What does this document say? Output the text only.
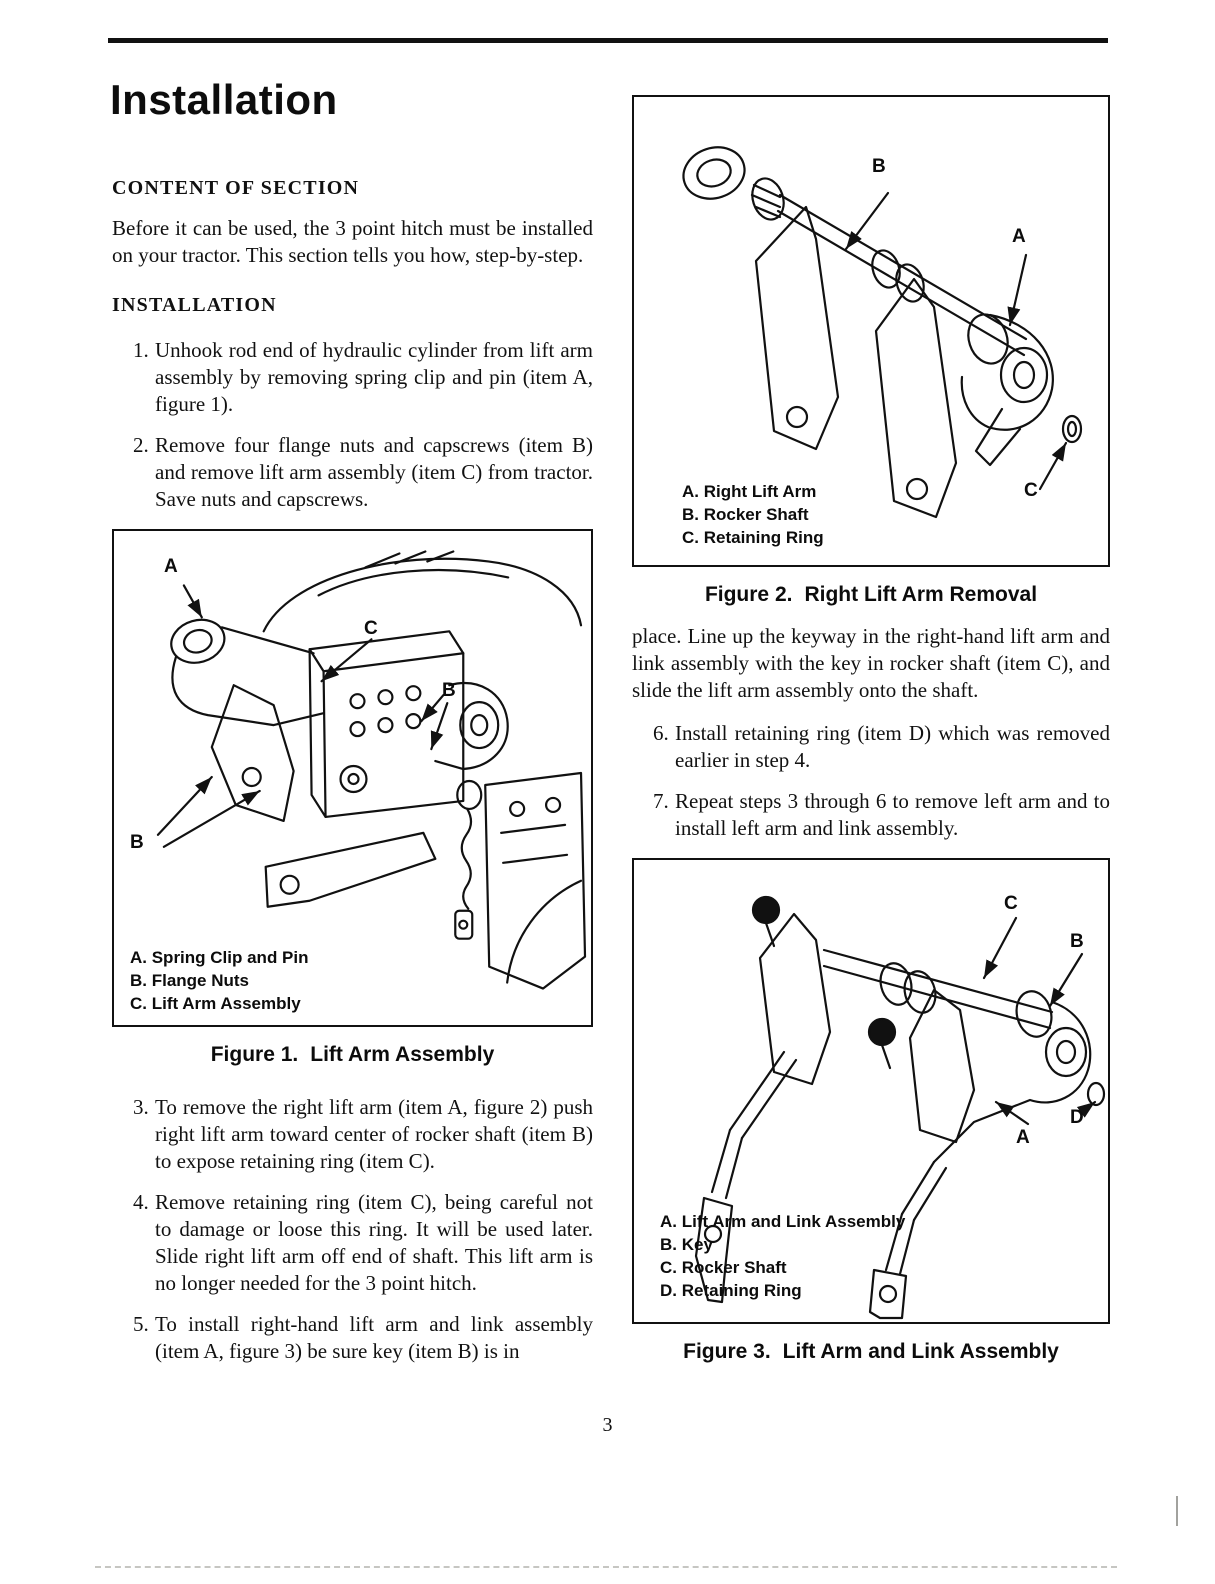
Installation
CONTENT OF SECTION

Before it can be used, the 3 point hitch must be installed on your tractor. This section tells you how, step-by-step.

INSTALLATION
1. Unhook rod end of hydraulic cylinder from lift arm assembly by removing spring clip and pin (item A, figure 1).
2. Remove four flange nuts and capscrews (item B) and remove lift arm assembly (item C) from tractor. Save nuts and capscrews.
A
C
B
B
A. Spring Clip and Pin
B. Flange Nuts
C. Lift Arm Assembly
Figure 1. Lift Arm Assembly
3. To remove the right lift arm (item A, figure 2) push right lift arm toward center of rocker shaft (item B) to expose retaining ring (item C).
4. Remove retaining ring (item C), being careful not to damage or loose this ring. It will be used later. Slide right lift arm off end of shaft. This lift arm is no longer needed for the 3 point hitch.
5. To install right-hand lift arm and link assembly (item A, figure 3) be sure key (item B) is in
B
A
C
A. Right Lift Arm
B. Rocker Shaft
C. Retaining Ring
Figure 2. Right Lift Arm Removal

place. Line up the keyway in the right-hand lift arm and link assembly with the key in rocker shaft (item C), and slide the lift arm assembly onto the shaft.

6. Install retaining ring (item D) which was removed earlier in step 4.
7. Repeat steps 3 through 6 to remove left arm and to install left arm and link assembly.
C
B
A
D
A. Lift Arm and Link Assembly
B. Key
C. Rocker Shaft
D. Retaining Ring
Figure 3. Lift Arm and Link Assembly
3
